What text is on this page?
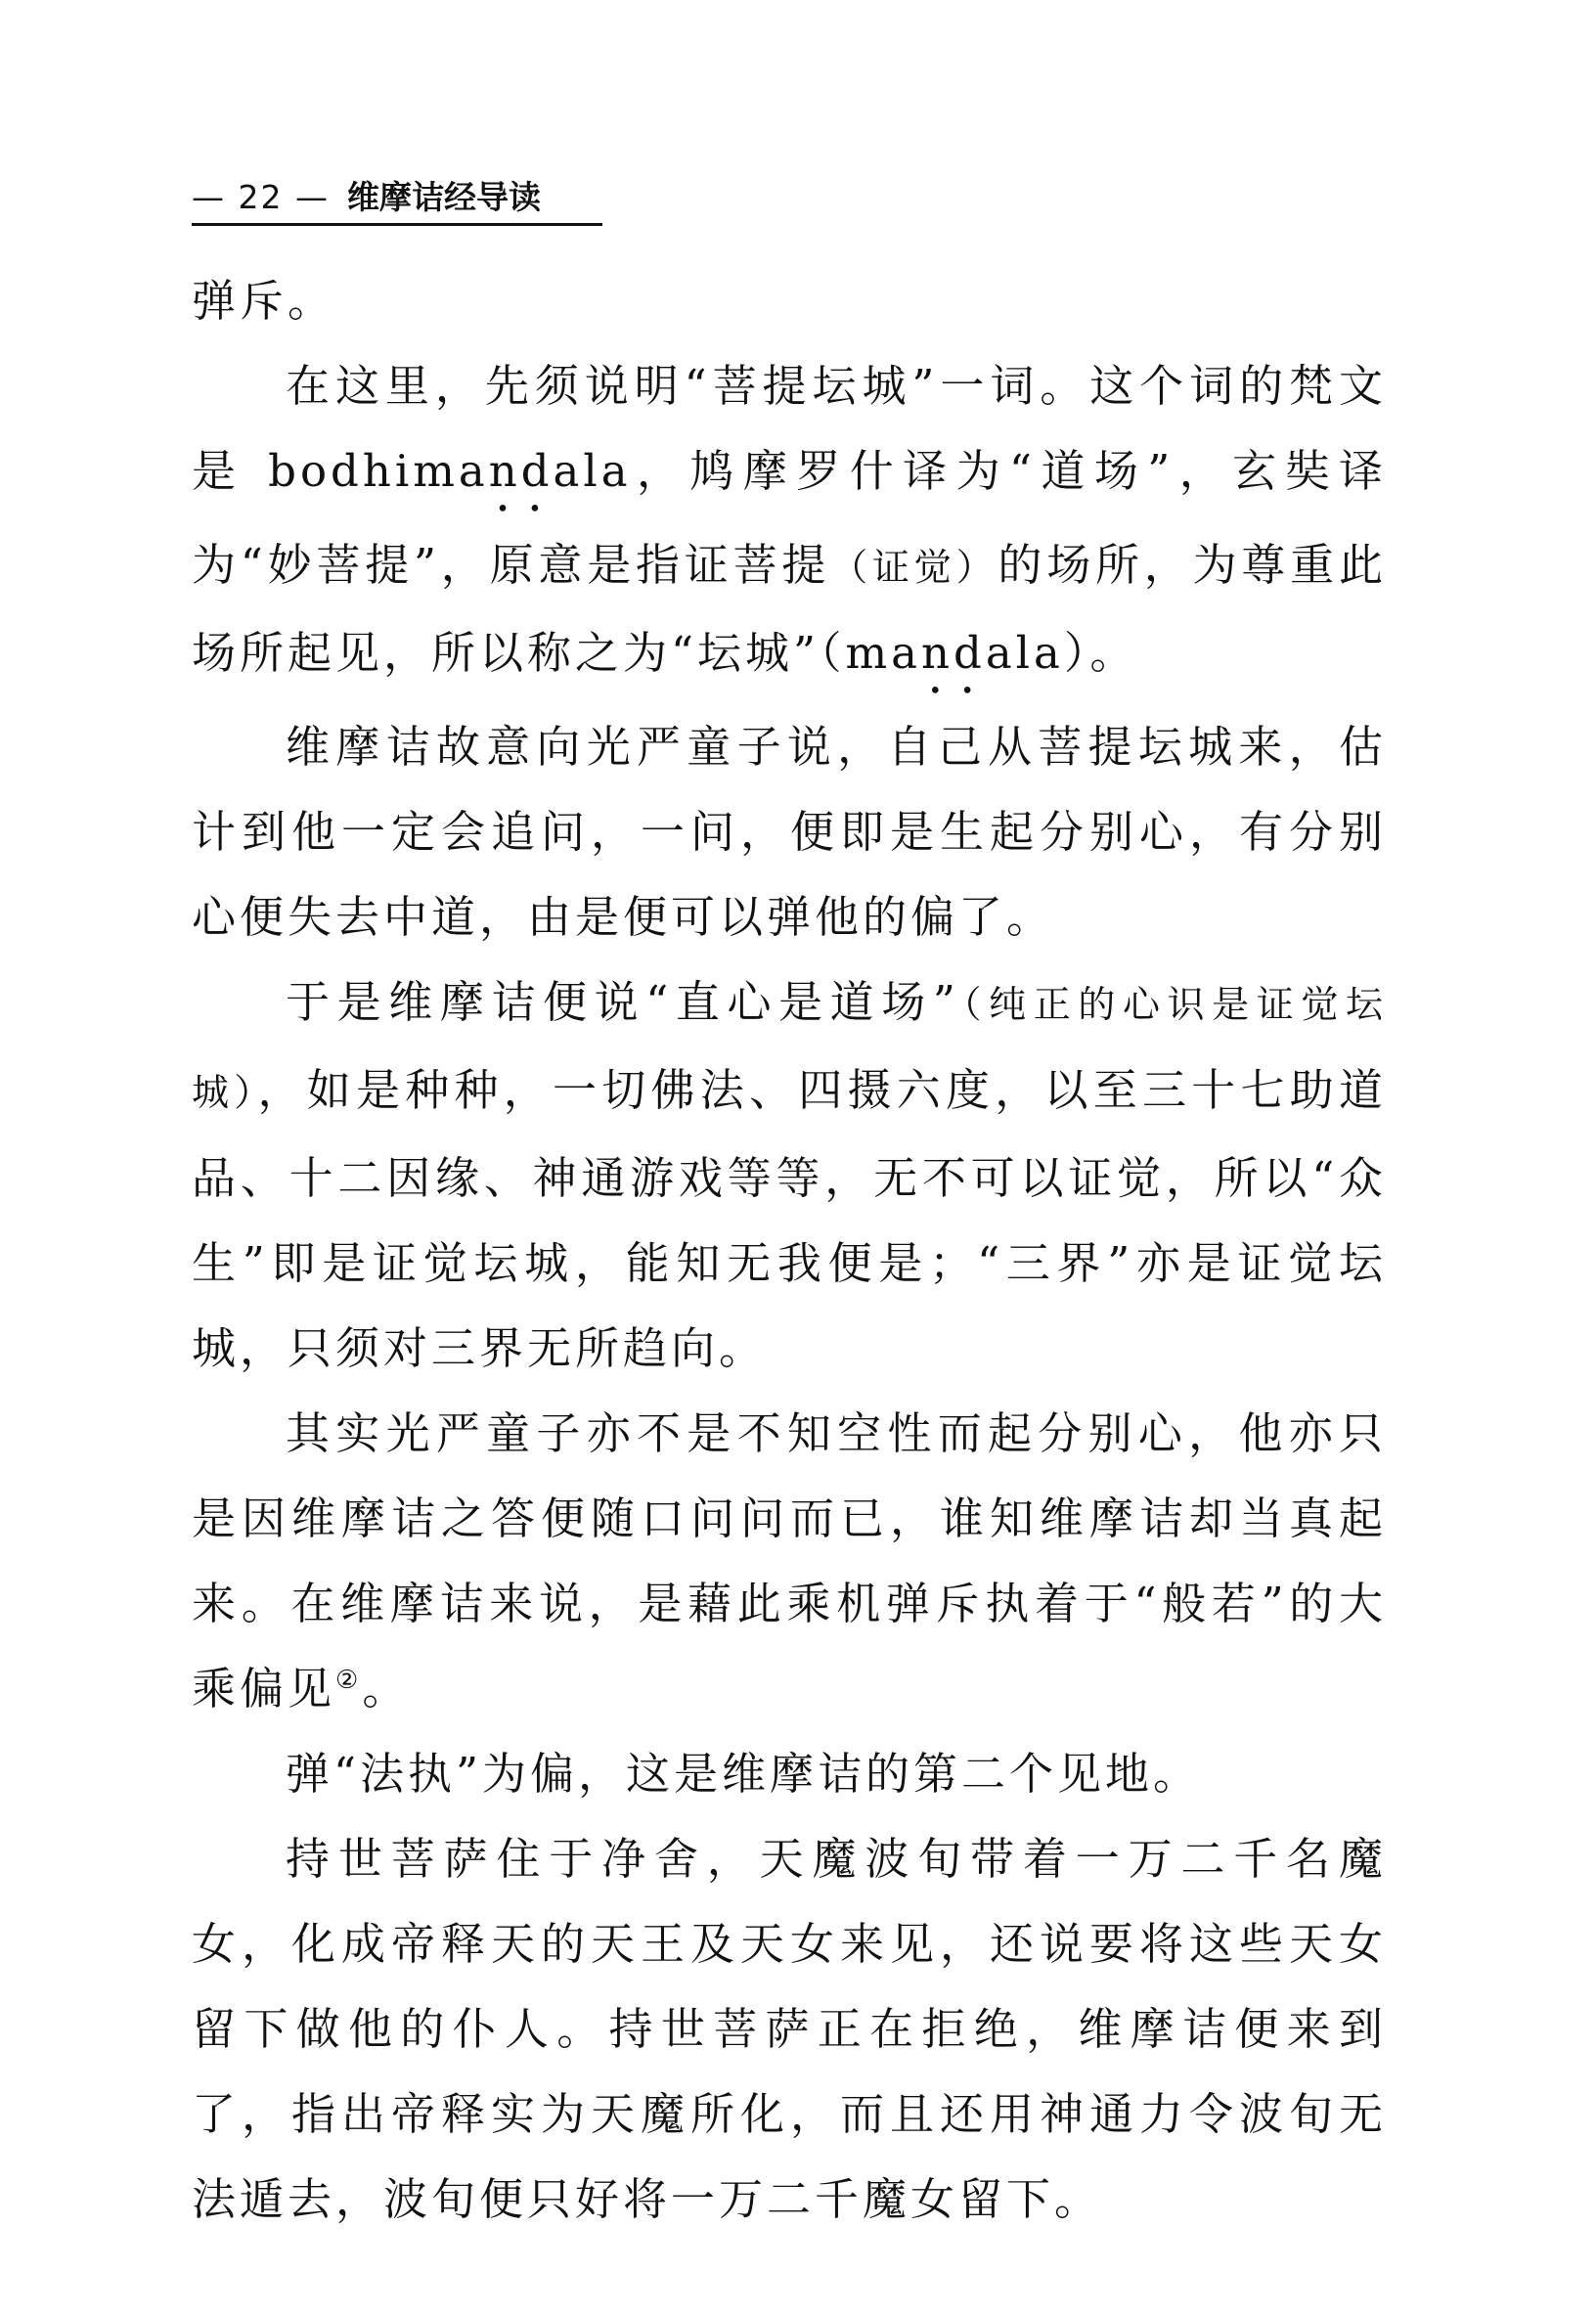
— 22 — 维摩诘经导读

弹斥。

在这里，先须说明“菩提坛城”一词。这个词的梵文是 bodhimandala，鸠摩罗什译为“道场”，玄奘译为“妙菩提”，原意是指证菩提（证觉）的场所，为尊重此场所起见，所以称之为“坛城”（mandala）。

维摩诘故意向光严童子说，自己从菩提坛城来，估计到他一定会追问，一问，便即是生起分别心，有分别心便失去中道，由是便可以弹他的偏了。

于是维摩诘便说“直心是道场”（纯正的心识是证觉坛城），如是种种，一切佛法、四摄六度，以至三十七助道品、十二因缘、神通游戏等等，无不可以证觉，所以“众生”即是证觉坛城，能知无我便是；“三界”亦是证觉坛城，只须对三界无所趋向。

其实光严童子亦不是不知空性而起分别心，他亦只是因维摩诘之答便随口问问而已，谁知维摩诘却当真起来。在维摩诘来说，是藉此乘机弹斥执着于“般若”的大乘偏见②。

弹“法执”为偏，这是维摩诘的第二个见地。

持世菩萨住于净舍，天魔波旬带着一万二千名魔女，化成帝释天的天王及天女来见，还说要将这些天女留下做他的仆人。持世菩萨正在拒绝，维摩诘便来到了，指出帝释实为天魔所化，而且还用神通力令波旬无法遁去，波旬便只好将一万二千魔女留下。
